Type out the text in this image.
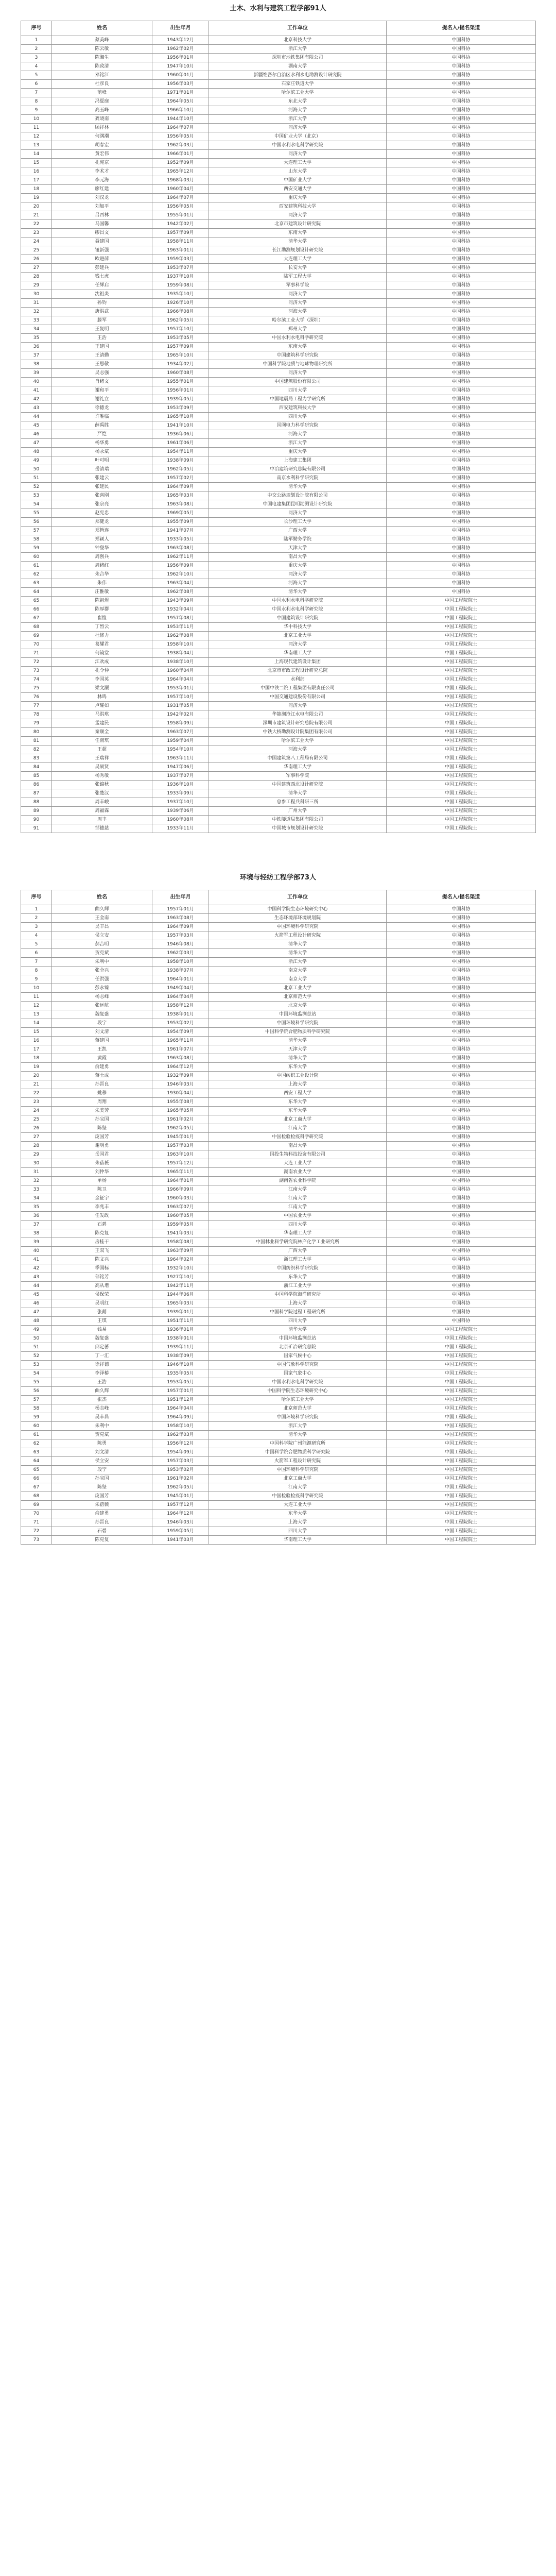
土木、水利与建筑工程学部91人
序号	姓名	出生年月	工作单位	提名人/提名渠道
1	蔡美峰	1943年12月	北京科技大学	中国科协
2	陈云敏	1962年02月	浙江大学	中国科协
3	陈湘生	1956年01月	深圳市地铁集团有限公司	中国科协
4	陈政清	1947年10月	湖南大学	中国科协
5	邓铭江	1960年01月	新疆维吾尔自治区水利水电勘测设计研究院	中国科协
6	杜彦良	1956年03月	石家庄铁道大学	中国科协
7	范峰	1971年01月	哈尔滨工业大学	中国科协
8	冯夏庭	1964年05月	东北大学	中国科协
9	高玉峰	1966年10月	河海大学	中国科协
10	龚晓南	1944年10月	浙江大学	中国科协
11	顾祥林	1964年07月	同济大学	中国科协
12	何满潮	1956年05月	中国矿业大学（北京）	中国科协
13	胡春宏	1962年03月	中国水利水电科学研究院	中国科协
14	黄宏伟	1966年01月	同济大学	中国科协
15	孔宪京	1952年09月	大连理工大学	中国科协
16	李术才	1965年12月	山东大学	中国科协
17	李元海	1968年03月	中国矿业大学	中国科协
18	廖红建	1960年04月	西安交通大学	中国科协
19	刘汉龙	1964年07月	重庆大学	中国科协
20	刘加平	1956年05月	西安建筑科技大学	中国科协
21	吕西林	1955年01月	同济大学	中国科协
22	马国馨	1942年02月	北京市建筑设计研究院	中国科协
23	缪昌文	1957年09月	东南大学	中国科协
24	聂建国	1958年11月	清华大学	中国科协
25	钮新强	1963年01月	长江勘测规划设计研究院	中国科协
26	欧进萍	1959年03月	大连理工大学	中国科协
27	彭建兵	1953年07月	长安大学	中国科协
28	钱七虎	1937年10月	陆军工程大学	中国科协
29	任辉启	1959年08月	军事科学院	中国科协
30	沈祖炎	1935年10月	同济大学	中国科协
31	孙钧	1926年10月	同济大学	中国科协
32	唐洪武	1966年08月	河海大学	中国科协
33	滕军	1962年05月	哈尔滨工业大学（深圳）	中国科协
34	王复明	1957年10月	郑州大学	中国科协
35	王浩	1953年05月	中国水利水电科学研究院	中国科协
36	王建国	1957年09月	东南大学	中国科协
37	王清勤	1965年10月	中国建筑科学研究院	中国科协
38	王思敬	1934年02月	中国科学院地质与地球物理研究所	中国科协
39	吴志强	1960年08月	同济大学	中国科协
40	肖绪文	1955年01月	中国建筑股份有限公司	中国科协
41	谢和平	1956年01月	四川大学	中国科协
42	谢礼立	1939年05月	中国地震局工程力学研究所	中国科协
43	徐德龙	1953年09月	西安建筑科技大学	中国科协
44	许唯临	1965年10月	四川大学	中国科协
45	薛禹胜	1941年10月	国网电力科学研究院	中国科协
46	严恺	1936年06月	河海大学	中国科协
47	杨华勇	1961年06月	浙江大学	中国科协
48	杨永斌	1954年11月	重庆大学	中国科协
49	叶可明	1938年09月	上海建工集团	中国科协
50	岳清瑞	1962年05月	中冶建筑研究总院有限公司	中国科协
51	张建云	1957年02月	南京水利科学研究院	中国科协
52	张建民	1964年09月	清华大学	中国科协
53	张喜刚	1965年03月	中交公路规划设计院有限公司	中国科协
54	张宗亮	1963年08月	中国电建集团昆明勘测设计研究院	中国科协
55	赵宪忠	1969年05月	同济大学	中国科协
56	郑健龙	1955年09月	长沙理工大学	中国科协
57	郑皆连	1941年07月	广西大学	中国科协
58	郑颖人	1933年05月	陆军勤务学院	中国科协
59	钟登华	1963年08月	天津大学	中国科协
60	周创兵	1962年11月	南昌大学	中国科协
61	周绪红	1956年09月	重庆大学	中国科协
62	朱合华	1962年10月	同济大学	中国科协
63	朱伟	1963年04月	河海大学	中国科协
64	庄惟敏	1962年08月	清华大学	中国科协
65	陈祖煜	1943年09月	中国水利水电科学研究院	中国工程院院士
66	陈厚群	1932年04月	中国水利水电科学研究院	中国工程院院士
67	崔愷	1957年08月	中国建筑设计研究院	中国工程院院士
68	丁烈云	1953年11月	华中科技大学	中国工程院院士
69	杜修力	1962年08月	北京工业大学	中国工程院院士
70	葛耀君	1958年10月	同济大学	中国工程院院士
71	何镜堂	1938年04月	华南理工大学	中国工程院院士
72	江欢成	1938年10月	上海现代建筑设计集团	中国工程院院士
73	孔令仲	1960年04月	北京市市政工程设计研究总院	中国工程院院士
74	李国英	1964年04月	水利部	中国工程院院士
75	梁文灏	1953年01月	中国中铁二院工程集团有限责任公司	中国工程院院士
76	林鸣	1957年10月	中国交通建设股份有限公司	中国工程院院士
77	卢耀如	1931年05月	同济大学	中国工程院院士
78	马洪琪	1942年02月	华能澜沧江水电有限公司	中国工程院院士
79	孟建民	1958年09月	深圳市建筑设计研究总院有限公司	中国工程院院士
80	秦顺全	1963年07月	中铁大桥勘测设计院集团有限公司	中国工程院院士
81	任南琪	1959年04月	哈尔滨工业大学	中国工程院院士
82	王超	1954年10月	河海大学	中国工程院院士
83	王瑞祥	1963年11月	中国建筑第八工程局有限公司	中国工程院院士
84	吴硕贤	1947年06月	华南理工大学	中国工程院院士
85	杨秀敏	1937年07月	军事科学院	中国工程院院士
86	张锦秋	1936年10月	中国建筑西北设计研究院	中国工程院院士
87	张楚汉	1933年09月	清华大学	中国工程院院士
88	周丰峻	1937年10月	总参工程兵科研三所	中国工程院院士
89	周福霖	1939年06月	广州大学	中国工程院院士
90	周丰	1960年08月	中铁隧道局集团有限公司	中国工程院院士
91	邹德慈	1933年11月	中国城市规划设计研究院	中国工程院院士
环境与轻纺工程学部73人
序号	姓名	出生年月	工作单位	提名人/提名渠道
1	曲久辉	1957年01月	中国科学院生态环境研究中心	中国科协
2	王金南	1963年08月	生态环境部环境规划院	中国科协
3	吴丰昌	1964年09月	中国环境科学研究院	中国科协
4	侯立安	1957年03月	火箭军工程设计研究院	中国科协
5	郝吉明	1946年08月	清华大学	中国科协
6	贺克斌	1962年03月	清华大学	中国科协
7	朱利中	1958年10月	浙江大学	中国科协
8	张全兴	1938年07月	南京大学	中国科协
9	任洪强	1964年01月	南京大学	中国科协
10	彭永臻	1949年04月	北京工业大学	中国科协
11	杨志峰	1964年04月	北京师范大学	中国科协
12	张远航	1958年12月	北京大学	中国科协
13	魏复盛	1938年01月	中国环境监测总站	中国科协
14	段宁	1953年02月	中国环境科学研究院	中国科协
15	刘文清	1954年09月	中国科学院合肥物质科学研究院	中国科协
16	蒋建国	1965年11月	清华大学	中国科协
17	王凯	1961年07月	天津大学	中国科协
18	黄霞	1963年08月	清华大学	中国科协
19	俞建勇	1964年12月	东华大学	中国科协
20	蒋士成	1932年09月	中国纺织工业设计院	中国科协
21	孙晋良	1946年03月	上海大学	中国科协
22	姚穆	1930年04月	西安工程大学	中国科协
23	周翔	1955年08月	东华大学	中国科协
24	朱美芳	1965年05月	东华大学	中国科协
25	孙宝国	1961年02月	北京工商大学	中国科协
26	陈坚	1962年05月	江南大学	中国科协
27	庞国芳	1945年01月	中国检验检疫科学研究院	中国科协
28	谢明勇	1957年03月	南昌大学	中国科协
29	岳国君	1963年10月	国投生物科技投资有限公司	中国科协
30	朱蓓薇	1957年12月	大连工业大学	中国科协
31	刘仲华	1965年11月	湖南农业大学	中国科协
32	单杨	1964年01月	湖南省农业科学院	中国科协
33	陈卫	1966年09月	江南大学	中国科协
34	金征宇	1960年03月	江南大学	中国科协
35	李兆丰	1963年07月	江南大学	中国科协
36	任发政	1960年05月	中国农业大学	中国科协
37	石碧	1959年05月	四川大学	中国科协
38	陈克复	1941年03月	华南理工大学	中国科协
39	房桂干	1958年08月	中国林业科学研究院林产化学工业研究所	中国科协
40	王双飞	1963年09月	广西大学	中国科协
41	陈文兴	1964年02月	浙江理工大学	中国科协
42	季国标	1932年10月	中国纺织科学研究院	中国科协
43	郁铭芳	1927年10月	东华大学	中国科协
44	高从堦	1942年11月	浙江工业大学	中国科协
45	侯保荣	1944年06月	中国科学院海洋研究所	中国科协
46	吴明红	1965年03月	上海大学	中国科协
47	张懿	1939年01月	中国科学院过程工程研究所	中国科协
48	王琪	1951年11月	四川大学	中国科协
49	钱易	1936年01月	清华大学	中国工程院院士
50	魏复盛	1938年01月	中国环境监测总站	中国工程院院士
51	邱定蕃	1939年11月	北京矿冶研究总院	中国工程院院士
52	丁一汇	1938年09月	国家气候中心	中国工程院院士
53	徐祥德	1946年10月	中国气象科学研究院	中国工程院院士
54	李泽椿	1935年05月	国家气象中心	中国工程院院士
55	王浩	1953年05月	中国水利水电科学研究院	中国工程院院士
56	曲久辉	1957年01月	中国科学院生态环境研究中心	中国工程院院士
57	张杰	1951年12月	哈尔滨工业大学	中国工程院院士
58	杨志峰	1964年04月	北京师范大学	中国工程院院士
59	吴丰昌	1964年09月	中国环境科学研究院	中国工程院院士
60	朱利中	1958年10月	浙江大学	中国工程院院士
61	贺克斌	1962年03月	清华大学	中国工程院院士
62	陈勇	1956年12月	中国科学院广州能源研究所	中国工程院院士
63	刘文清	1954年09月	中国科学院合肥物质科学研究院	中国工程院院士
64	侯立安	1957年03月	火箭军工程设计研究院	中国工程院院士
65	段宁	1953年02月	中国环境科学研究院	中国工程院院士
66	孙宝国	1961年02月	北京工商大学	中国工程院院士
67	陈坚	1962年05月	江南大学	中国工程院院士
68	庞国芳	1945年01月	中国检验检疫科学研究院	中国工程院院士
69	朱蓓薇	1957年12月	大连工业大学	中国工程院院士
70	俞建勇	1964年12月	东华大学	中国工程院院士
71	孙晋良	1946年03月	上海大学	中国工程院院士
72	石碧	1959年05月	四川大学	中国工程院院士
73	陈克复	1941年03月	华南理工大学	中国工程院院士
